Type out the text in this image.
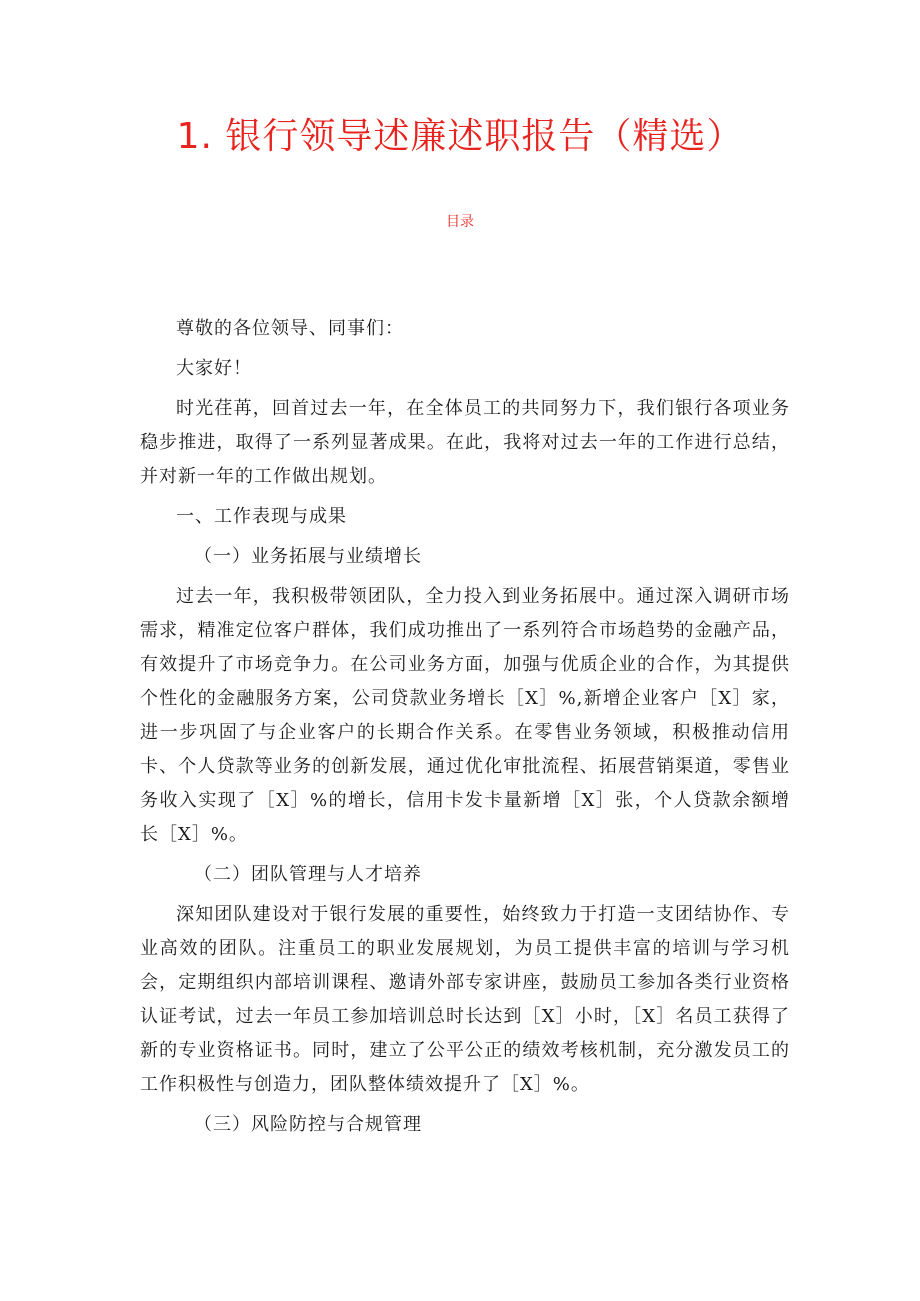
1. 银行领导述廉述职报告（精选）
目录

尊敬的各位领导、同事们：

大家好！

时光荏苒，回首过去一年，在全体员工的共同努力下，我们银行各项业务稳步推进，取得了一系列显著成果。在此，我将对过去一年的工作进行总结，并对新一年的工作做出规划。

一、工作表现与成果

（一）业务拓展与业绩增长

过去一年，我积极带领团队，全力投入到业务拓展中。通过深入调研市场需求，精准定位客户群体，我们成功推出了一系列符合市场趋势的金融产品，有效提升了市场竞争力。在公司业务方面，加强与优质企业的合作，为其提供个性化的金融服务方案，公司贷款业务增长［X］%,新增企业客户［X］家，进一步巩固了与企业客户的长期合作关系。在零售业务领域，积极推动信用卡、个人贷款等业务的创新发展，通过优化审批流程、拓展营销渠道，零售业务收入实现了［X］%的增长，信用卡发卡量新增［X］张，个人贷款余额增长［X］%。

（二）团队管理与人才培养

深知团队建设对于银行发展的重要性，始终致力于打造一支团结协作、专业高效的团队。注重员工的职业发展规划，为员工提供丰富的培训与学习机会，定期组织内部培训课程、邀请外部专家讲座，鼓励员工参加各类行业资格认证考试，过去一年员工参加培训总时长达到［X］小时，［X］名员工获得了新的专业资格证书。同时，建立了公平公正的绩效考核机制，充分激发员工的工作积极性与创造力，团队整体绩效提升了［X］%。

（三）风险防控与合规管理
